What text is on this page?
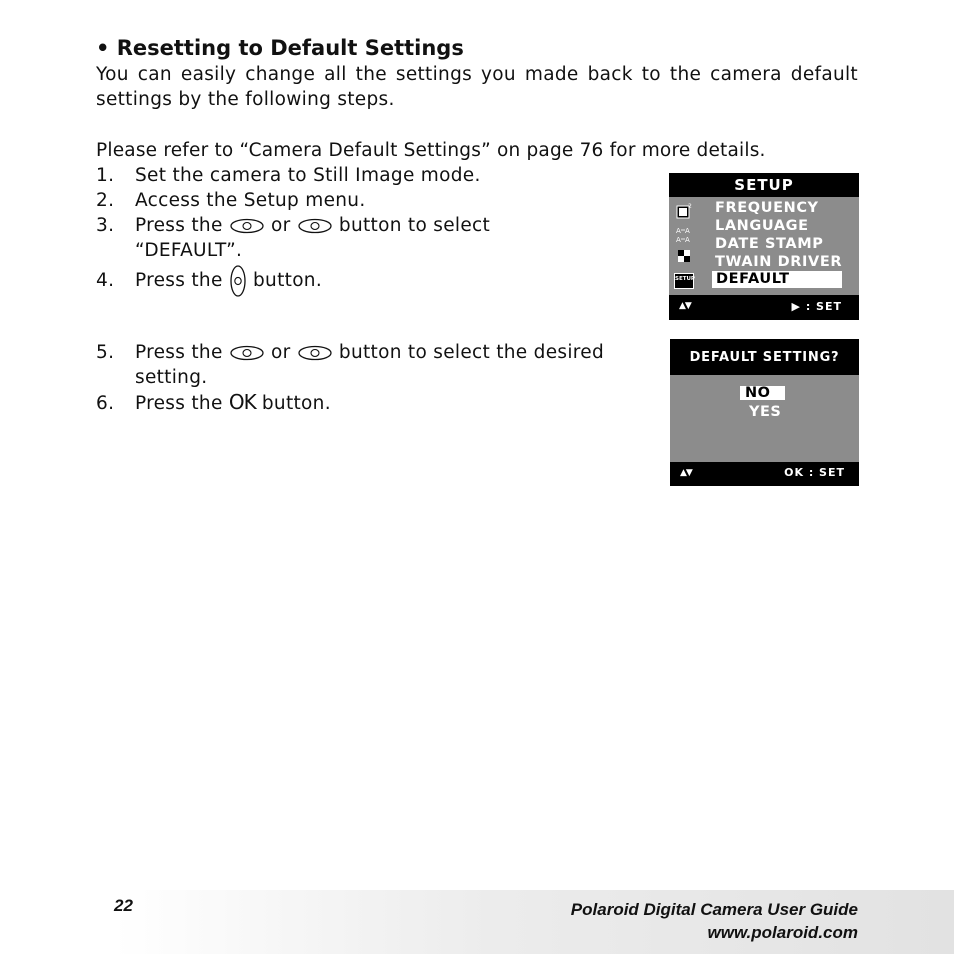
• Resetting to Default Settings

You can easily change all the settings you made back to the camera default settings by the following steps.

Please refer to “Camera Default Settings” on page 76 for more details.

1. Set the camera to Still Image mode.
2. Access the Setup menu.
3. Press the	or	button to select
“DEFAULT”.
4. Press the button.
5. Press the	or	button to select the desired
setting.
6. Press the OK button.
SETUP
2
A A
A A
SETUP
FREQUENCY
LANGUAGE
DATE STAMP
TWAIN DRIVER
DEFAULT
▲▼	▶ : SET
DEFAULT SETTING?
NO
YES
▲▼	OK : SET
22	Polaroid Digital Camera User Guide
www.polaroid.com
